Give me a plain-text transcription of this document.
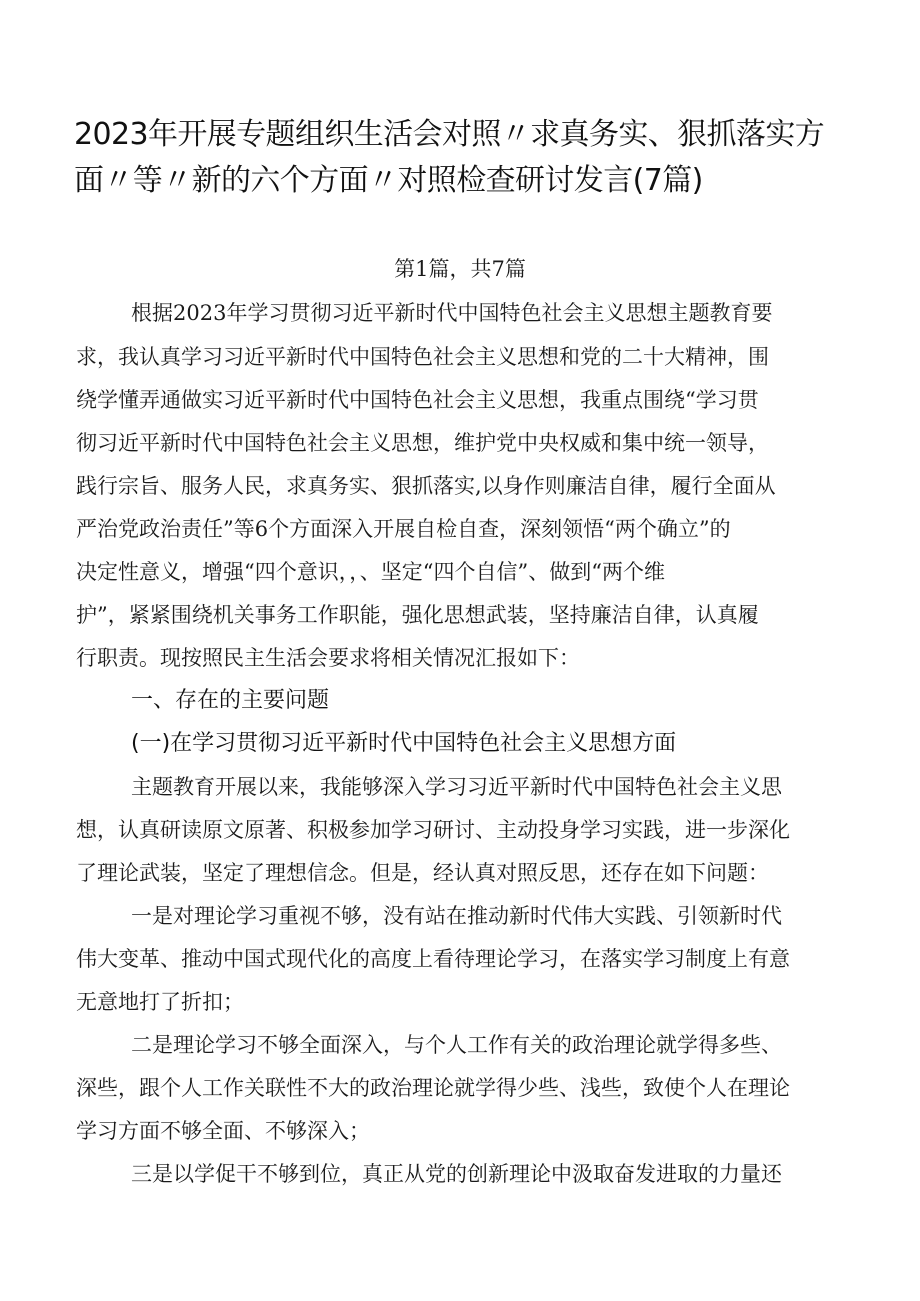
2023年开展专题组织生活会对照〃求真务实、狠抓落实方
面〃等〃新的六个方面〃对照检查研讨发言(7篇)
第1篇，共7篇
根据2023年学习贯彻习近平新时代中国特色社会主义思想主题教育要
求，我认真学习习近平新时代中国特色社会主义思想和党的二十大精神，围
绕学懂弄通做实习近平新时代中国特色社会主义思想，我重点围绕“学习贯
彻习近平新时代中国特色社会主义思想，维护党中央权威和集中统一领导，
践行宗旨、服务人民，求真务实、狠抓落实,以身作则廉洁自律，履行全面从
严治党政治责任”等6个方面深入开展自检自查，深刻领悟“两个确立”的
决定性意义，增强“四个意识，，、坚定“四个自信”、做到“两个维
护”，紧紧围绕机关事务工作职能，强化思想武装，坚持廉洁自律，认真履
行职责。现按照民主生活会要求将相关情况汇报如下：
一、存在的主要问题
(一)在学习贯彻习近平新时代中国特色社会主义思想方面
主题教育开展以来，我能够深入学习习近平新时代中国特色社会主义思
想，认真研读原文原著、积极参加学习研讨、主动投身学习实践，进一步深化
了理论武装，坚定了理想信念。但是，经认真对照反思，还存在如下问题：
一是对理论学习重视不够，没有站在推动新时代伟大实践、引领新时代
伟大变革、推动中国式现代化的高度上看待理论学习，在落实学习制度上有意
无意地打了折扣；
二是理论学习不够全面深入，与个人工作有关的政治理论就学得多些、
深些，跟个人工作关联性不大的政治理论就学得少些、浅些，致使个人在理论
学习方面不够全面、不够深入；
三是以学促干不够到位，真正从党的创新理论中汲取奋发进取的力量还
